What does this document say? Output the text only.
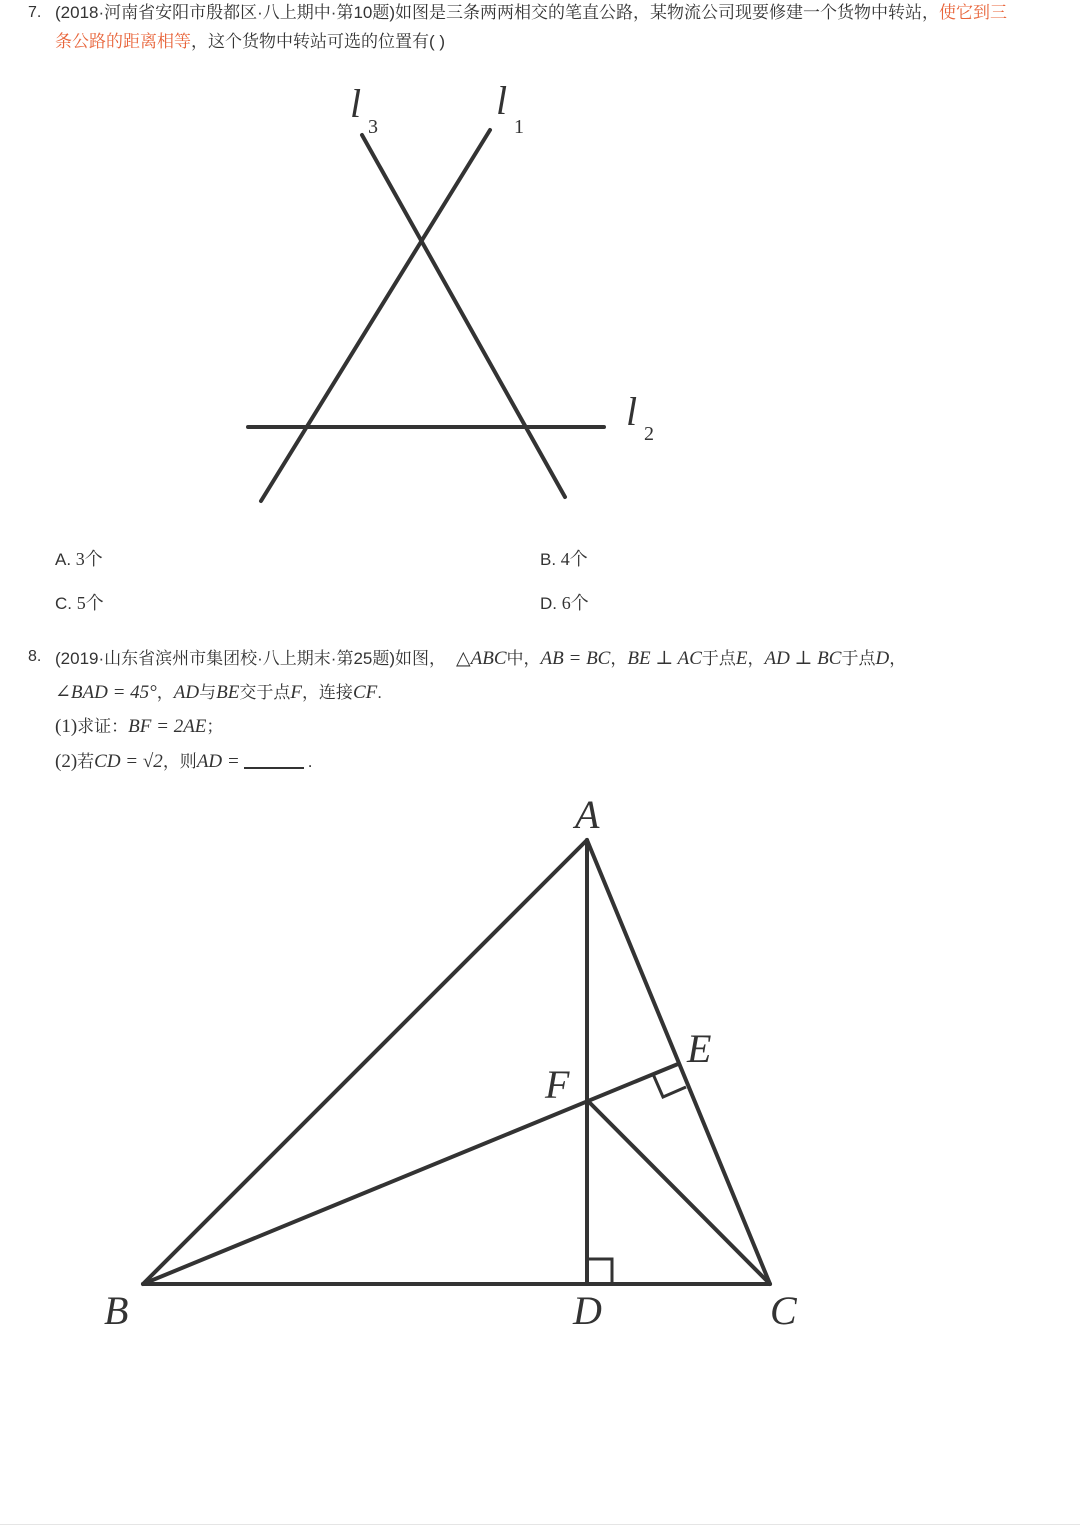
7. (2018·河南省安阳市殷都区·八上期中·第10题)如图是三条两两相交的笔直公路，某物流公司现要修建一个货物中转站，使它到三
条公路的距离相等，这个货物中转站可选的位置有( )
l
3
l
1
l 2
A. 3个	B. 4个
C. 5个	D. 6个
8. (2019·山东省滨州市集团校·八上期末·第25题)如图， △ABC中，AB = BC，BE ⊥ AC于点E，AD ⊥ BC于点D，
∠BAD = 45°，AD与BE交于点F，连接CF.
(1)求证：BF = 2AE；
(2)若CD = √2，则AD =	.
A
B	C
D
E
F
